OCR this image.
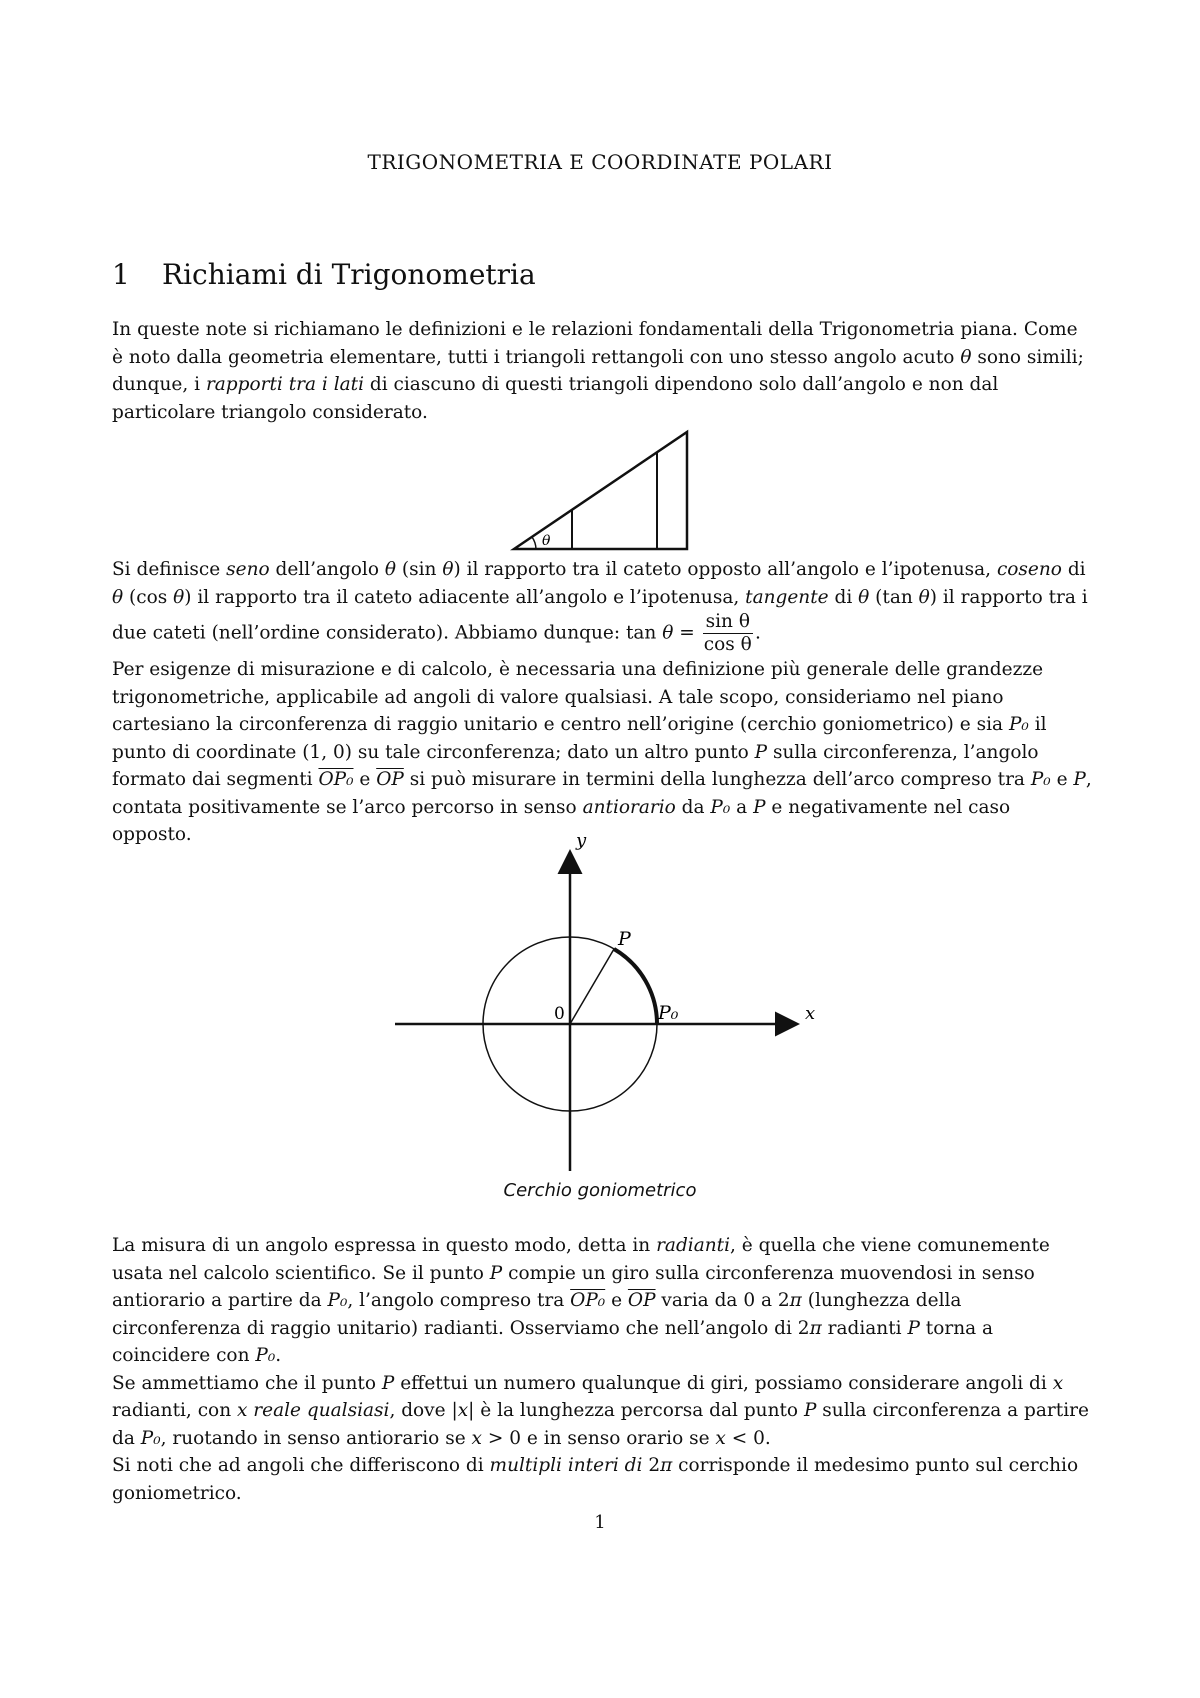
TRIGONOMETRIA E COORDINATE POLARI
1 Richiami di Trigonometria

In queste note si richiamano le definizioni e le relazioni fondamentali della Trigonometria piana. Come è noto dalla geometria elementare, tutti i triangoli rettangoli con uno stesso angolo acuto θ sono simili; dunque, i rapporti tra i lati di ciascuno di questi triangoli dipendono solo dall’angolo e non dal particolare triangolo considerato.

θ

Si definisce seno dell’angolo θ (sin θ) il rapporto tra il cateto opposto all’angolo e l’ipotenusa, coseno di θ (cos θ) il rapporto tra il cateto adiacente all’angolo e l’ipotenusa, tangente di θ (tan θ) il rapporto tra i due cateti (nell’ordine considerato). Abbiamo dunque: $\tan \theta = \frac{\text{sin θ}}{\text{cos θ}}$ .

Per esigenze di misurazione e di calcolo, è necessaria una definizione più generale delle grandezze trigonometriche, applicabile ad angoli di valore qualsiasi. A tale scopo, consideriamo nel piano cartesiano la circonferenza di raggio unitario e centro nell’origine (cerchio goniometrico) e sia P₀ il punto di coordinate (1, 0) su tale circonferenza; dato un altro punto P sulla circonferenza, l’angolo formato dai segmenti OP₀ e $\overline{OP}$ si può misurare in termini della lunghezza dell’arco compreso tra P₀ e P, contata positivamente se l’arco percorso in senso antiorario da P₀ a P e negativamente nel caso opposto.	y
x
P
P₀
0
Cerchio goniometrico

La misura di un angolo espressa in questo modo, detta in radianti, è quella che viene comunemente usata nel calcolo scientifico. Se il punto P compie un giro sulla circonferenza muovendosi in senso antiorario a partire da P₀, l’angolo compreso tra OP₀ e $\overline{OP}$ varia da 0 a 2π (lunghezza della circonferenza di raggio unitario) radianti. Osserviamo che nell’angolo di 2π radianti P torna a coincidere con P₀.

Se ammettiamo che il punto P effettui un numero qualunque di giri, possiamo considerare angoli di x radianti, con x reale qualsiasi, dove |x| è la lunghezza percorsa dal punto P sulla circonferenza a partire da P₀, ruotando in senso antiorario se x > 0 e in senso orario se x < 0.

Si noti che ad angoli che differiscono di multipli interi di 2π corrisponde il medesimo punto sul cerchio goniometrico.

1
